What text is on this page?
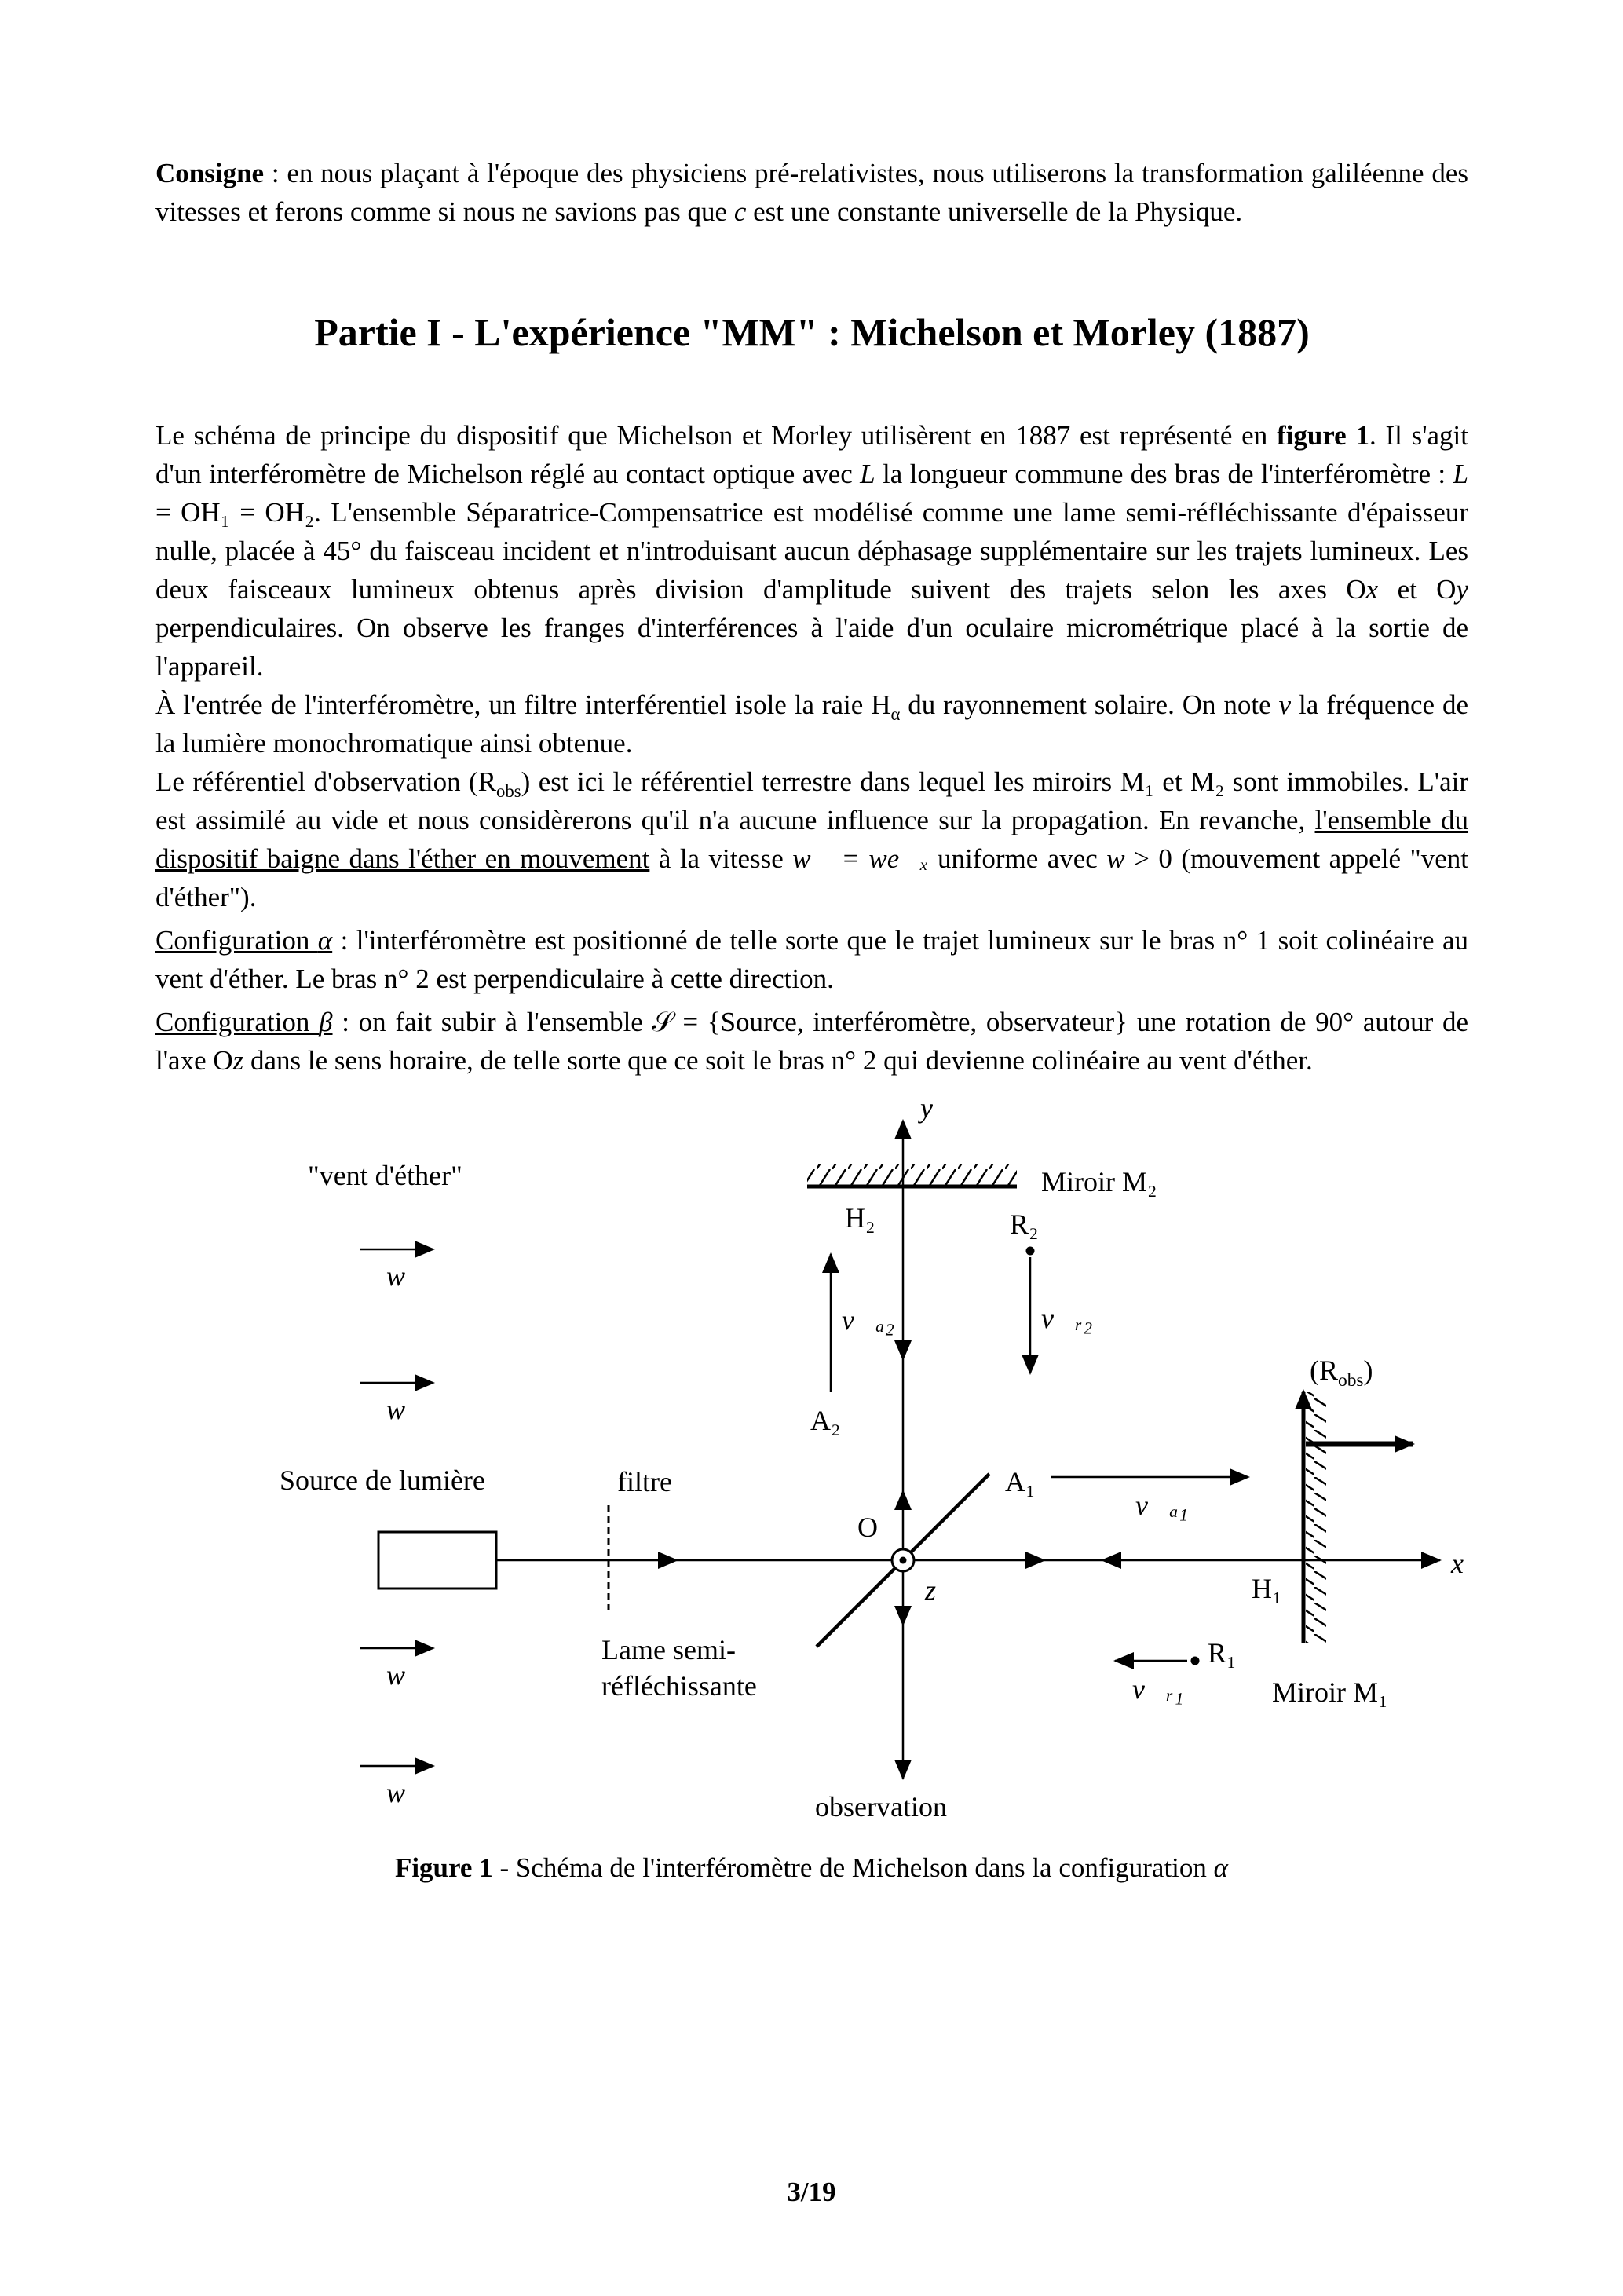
Consigne : en nous plaçant à l'époque des physiciens pré-relativistes, nous utiliserons la transformation galiléenne des vitesses et ferons comme si nous ne savions pas que c est une constante universelle de la Physique.

Partie I - L'expérience "MM" : Michelson et Morley (1887)

Le schéma de principe du dispositif que Michelson et Morley utilisèrent en 1887 est représenté en figure 1. Il s'agit d'un interféromètre de Michelson réglé au contact optique avec L la longueur commune des bras de l'interféromètre : L = OH₁ = OH₂. L'ensemble Séparatrice-Compensatrice est modélisé comme une lame semi-réfléchissante d'épaisseur nulle, placée à 45° du faisceau incident et n'introduisant aucun déphasage supplémentaire sur les trajets lumineux. Les deux faisceaux lumineux obtenus après division d'amplitude suivent des trajets selon les axes Ox et Oy perpendiculaires. On observe les franges d'interférences à l'aide d'un oculaire micrométrique placé à la sortie de l'appareil.

À l'entrée de l'interféromètre, un filtre interférentiel isole la raie $H_\alpha$ du rayonnement solaire. On note ν la fréquence de la lumière monochromatique ainsi obtenue.

Le référentiel d'observation $(R_{obs})$ est ici le référentiel terrestre dans lequel les miroirs M₁ et M₂ sont immobiles. L'air est assimilé au vide et nous considèrerons qu'il n'a aucune influence sur la propagation. En revanche, l'ensemble du dispositif baigne dans l'éther en mouvement à la vitesse w⃗ = we⃗ₓ uniforme avec w > 0 (mouvement appelé "vent d'éther").

Configuration α : l'interféromètre est positionné de telle sorte que le trajet lumineux sur le bras n° 1 soit colinéaire au vent d'éther. Le bras n° 2 est perpendiculaire à cette direction.

Configuration β : on fait subir à l'ensemble 𝒮 = {Source, interféromètre, observateur} une rotation de 90° autour de l'axe Oz dans le sens horaire, de telle sorte que ce soit le bras n° 2 qui devienne colinéaire au vent d'éther.

"vent d'éther"
w⃗
w⃗
w⃗
w⃗
Miroir M₂
H₂	R₂
v⃗ₐ₂	v⃗ᵣ₂
A₂
y
Source de lumière	filtre
O
z
Lame semi-
réfléchissante
A₁
v⃗ₐ₁
$(R_{obs})$
H₁
x
R₁
v⃗ᵣ₁	Miroir M₁
observation

Figure 1 - Schéma de l'interféromètre de Michelson dans la configuration α

3/19
